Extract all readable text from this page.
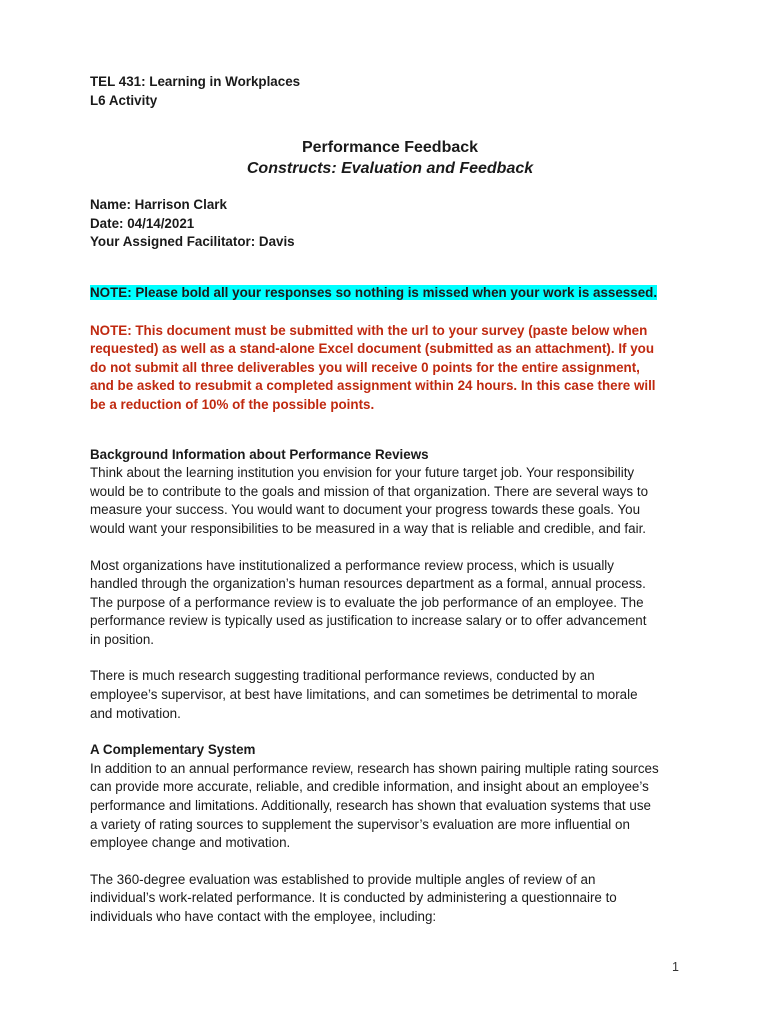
TEL 431: Learning in Workplaces
L6 Activity
Performance Feedback
Constructs: Evaluation and Feedback
Name: Harrison Clark
Date: 04/14/2021
Your Assigned Facilitator: Davis
NOTE: Please bold all your responses so nothing is missed when your work is assessed.
NOTE: This document must be submitted with the url to your survey (paste below when
requested) as well as a stand-alone Excel document (submitted as an attachment). If you
do not submit all three deliverables you will receive 0 points for the entire assignment,
and be asked to resubmit a completed assignment within 24 hours. In this case there will
be a reduction of 10% of the possible points.
Background Information about Performance Reviews
Think about the learning institution you envision for your future target job. Your responsibility
would be to contribute to the goals and mission of that organization. There are several ways to
measure your success. You would want to document your progress towards these goals. You
would want your responsibilities to be measured in a way that is reliable and credible, and fair.
Most organizations have institutionalized a performance review process, which is usually
handled through the organization’s human resources department as a formal, annual process.
The purpose of a performance review is to evaluate the job performance of an employee. The
performance review is typically used as justification to increase salary or to offer advancement
in position.
There is much research suggesting traditional performance reviews, conducted by an
employee’s supervisor, at best have limitations, and can sometimes be detrimental to morale
and motivation.
A Complementary System
In addition to an annual performance review, research has shown pairing multiple rating sources
can provide more accurate, reliable, and credible information, and insight about an employee’s
performance and limitations. Additionally, research has shown that evaluation systems that use
a variety of rating sources to supplement the supervisor’s evaluation are more influential on
employee change and motivation.
The 360-degree evaluation was established to provide multiple angles of review of an
individual’s work-related performance. It is conducted by administering a questionnaire to
individuals who have contact with the employee, including:
1
